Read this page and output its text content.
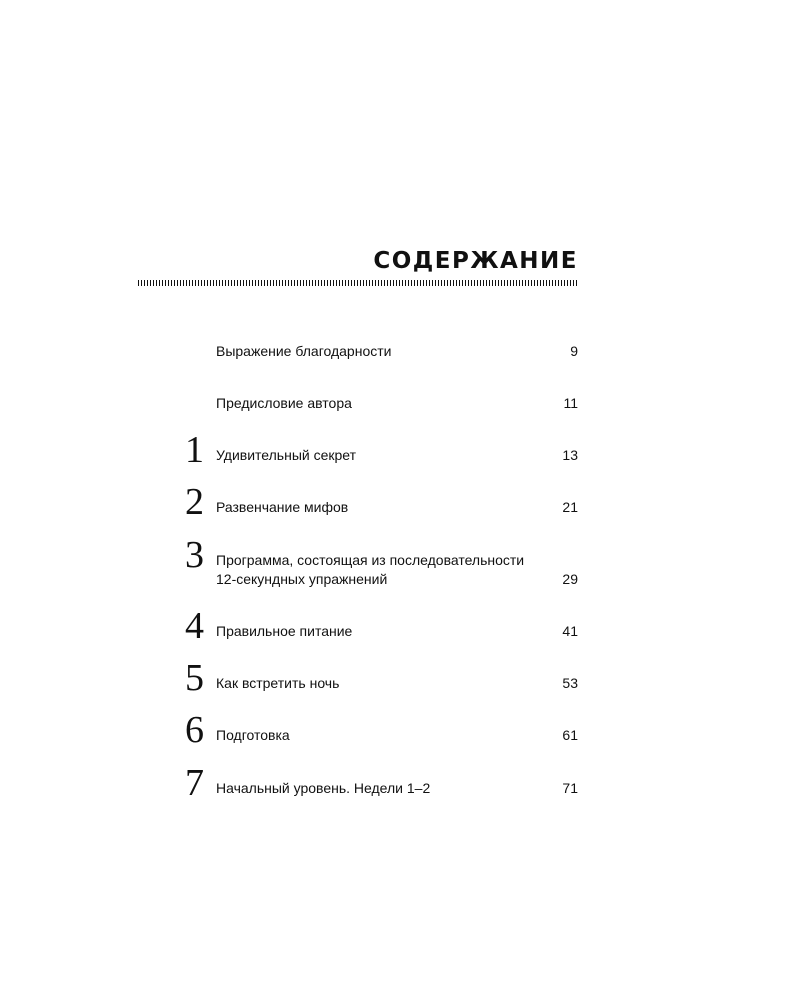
СОДЕРЖАНИЕ
Выражение благодарности	9
Предисловие автора	11
1 Удивительный секрет	13
2 Развенчание мифов	21
3 Программа, состоящая из последовательности
12-секундных упражнений	29
4 Правильное питание	41
5 Как встретить ночь	53
6 Подготовка	61
7 Начальный уровень. Недели 1–2	71
